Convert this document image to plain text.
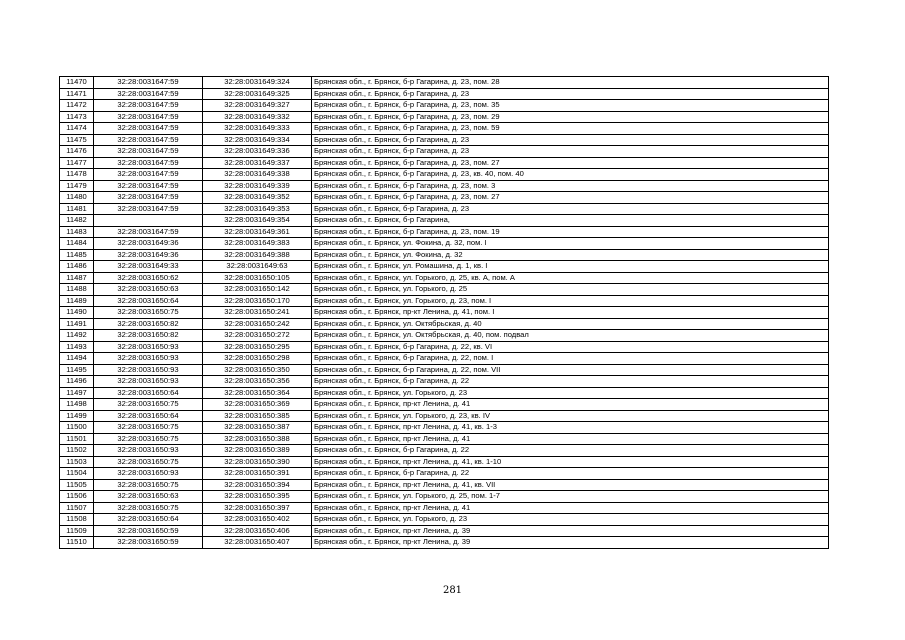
11470	32:28:0031647:59	32:28:0031649:324	Брянская обл., г. Брянск, б-р Гагарина, д. 23, пом. 28
11471	32:28:0031647:59	32:28:0031649:325	Брянская обл., г. Брянск, б-р Гагарина, д. 23
11472	32:28:0031647:59	32:28:0031649:327	Брянская обл., г. Брянск, б-р Гагарина, д. 23, пом. 35
11473	32:28:0031647:59	32:28:0031649:332	Брянская обл., г. Брянск, б-р Гагарина, д. 23, пом. 29
11474	32:28:0031647:59	32:28:0031649:333	Брянская обл., г. Брянск, б-р Гагарина, д. 23, пом. 59
11475	32:28:0031647:59	32:28:0031649:334	Брянская обл., г. Брянск, б-р Гагарина, д. 23
11476	32:28:0031647:59	32:28:0031649:336	Брянская обл., г. Брянск, б-р Гагарина, д. 23
11477	32:28:0031647:59	32:28:0031649:337	Брянская обл., г. Брянск, б-р Гагарина, д. 23, пом. 27
11478	32:28:0031647:59	32:28:0031649:338	Брянская обл., г. Брянск, б-р Гагарина, д. 23, кв. 40, пом. 40
11479	32:28:0031647:59	32:28:0031649:339	Брянская обл., г. Брянск, б-р Гагарина, д. 23, пом. 3
11480	32:28:0031647:59	32:28:0031649:352	Брянская обл., г. Брянск, б-р Гагарина, д. 23, пом. 27
11481	32:28:0031647:59	32:28:0031649:353	Брянская обл., г. Брянск, б-р Гагарина, д. 23
11482		32:28:0031649:354	Брянская обл., г. Брянск, б-р Гагарина,
11483	32:28:0031647:59	32:28:0031649:361	Брянская обл., г. Брянск, б-р Гагарина, д. 23, пом. 19
11484	32:28:0031649:36	32:28:0031649:383	Брянская обл., г. Брянск, ул. Фокина, д. 32, пом. I
11485	32:28:0031649:36	32:28:0031649:388	Брянская обл., г. Брянск, ул. Фокина, д. 32
11486	32:28:0031649:33	32:28:0031649:63	Брянская обл., г. Брянск, ул. Ромашина, д. 1, кв. I
11487	32:28:0031650:62	32:28:0031650:105	Брянская обл., г. Брянск, ул. Горького, д. 25, кв. А, пом. А
11488	32:28:0031650:63	32:28:0031650:142	Брянская обл., г. Брянск, ул. Горького, д. 25
11489	32:28:0031650:64	32:28:0031650:170	Брянская обл., г. Брянск, ул. Горького, д. 23, пом. I
11490	32:28:0031650:75	32:28:0031650:241	Брянская обл., г. Брянск, пр-кт Ленина, д. 41, пом. I
11491	32:28:0031650:82	32:28:0031650:242	Брянская обл., г. Брянск, ул. Октябрьская, д. 40
11492	32:28:0031650:82	32:28:0031650:272	Брянская обл., г. Брянск, ул. Октябрьская, д. 40, пом. подвал
11493	32:28:0031650:93	32:28:0031650:295	Брянская обл., г. Брянск, б-р Гагарина, д. 22, кв. VI
11494	32:28:0031650:93	32:28:0031650:298	Брянская обл., г. Брянск, б-р Гагарина, д. 22, пом. I
11495	32:28:0031650:93	32:28:0031650:350	Брянская обл., г. Брянск, б-р Гагарина, д. 22, пом. VII
11496	32:28:0031650:93	32:28:0031650:356	Брянская обл., г. Брянск, б-р Гагарина, д. 22
11497	32:28:0031650:64	32:28:0031650:364	Брянская обл., г. Брянск, ул. Горького, д. 23
11498	32:28:0031650:75	32:28:0031650:369	Брянская обл., г. Брянск, пр-кт Ленина, д. 41
11499	32:28:0031650:64	32:28:0031650:385	Брянская обл., г. Брянск, ул. Горького, д. 23, кв. IV
11500	32:28:0031650:75	32:28:0031650:387	Брянская обл., г. Брянск, пр-кт Ленина, д. 41, кв. 1-3
11501	32:28:0031650:75	32:28:0031650:388	Брянская обл., г. Брянск, пр-кт Ленина, д. 41
11502	32:28:0031650:93	32:28:0031650:389	Брянская обл., г. Брянск, б-р Гагарина, д. 22
11503	32:28:0031650:75	32:28:0031650:390	Брянская обл., г. Брянск, пр-кт Ленина, д. 41, кв. 1-10
11504	32:28:0031650:93	32:28:0031650:391	Брянская обл., г. Брянск, б-р Гагарина, д. 22
11505	32:28:0031650:75	32:28:0031650:394	Брянская обл., г. Брянск, пр-кт Ленина, д. 41, кв. VII
11506	32:28:0031650:63	32:28:0031650:395	Брянская обл., г. Брянск, ул. Горького, д. 25, пом. 1-7
11507	32:28:0031650:75	32:28:0031650:397	Брянская обл., г. Брянск, пр-кт Ленина, д. 41
11508	32:28:0031650:64	32:28:0031650:402	Брянская обл., г. Брянск, ул. Горького, д. 23
11509	32:28:0031650:59	32:28:0031650:406	Брянская обл., г. Брянск, пр-кт Ленина, д. 39
11510	32:28:0031650:59	32:28:0031650:407	Брянская обл., г. Брянск, пр-кт Ленина, д. 39
281
